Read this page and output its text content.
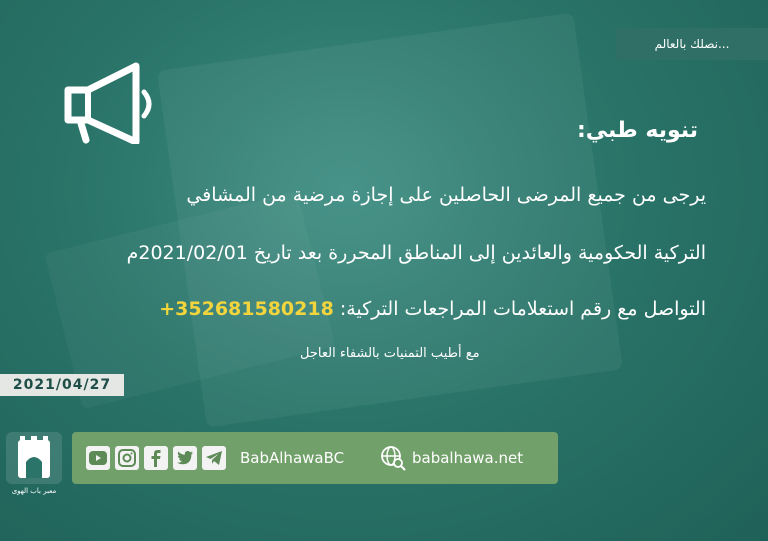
نصلك بالعالم...
تنويه طبي:
يرجى من جميع المرضى الحاصلين على إجازة مرضية من المشافي
التركية الحكومية والعائدين إلى المناطق المحررة بعد تاريخ 2021/02/01م
التواصل مع رقم استعلامات المراجعات التركية: +352681580218
مع أطيب التمنيات بالشفاء العاجل
2021/04/27
معبر باب الهوى
BabAlhawaBC	babalhawa.net
